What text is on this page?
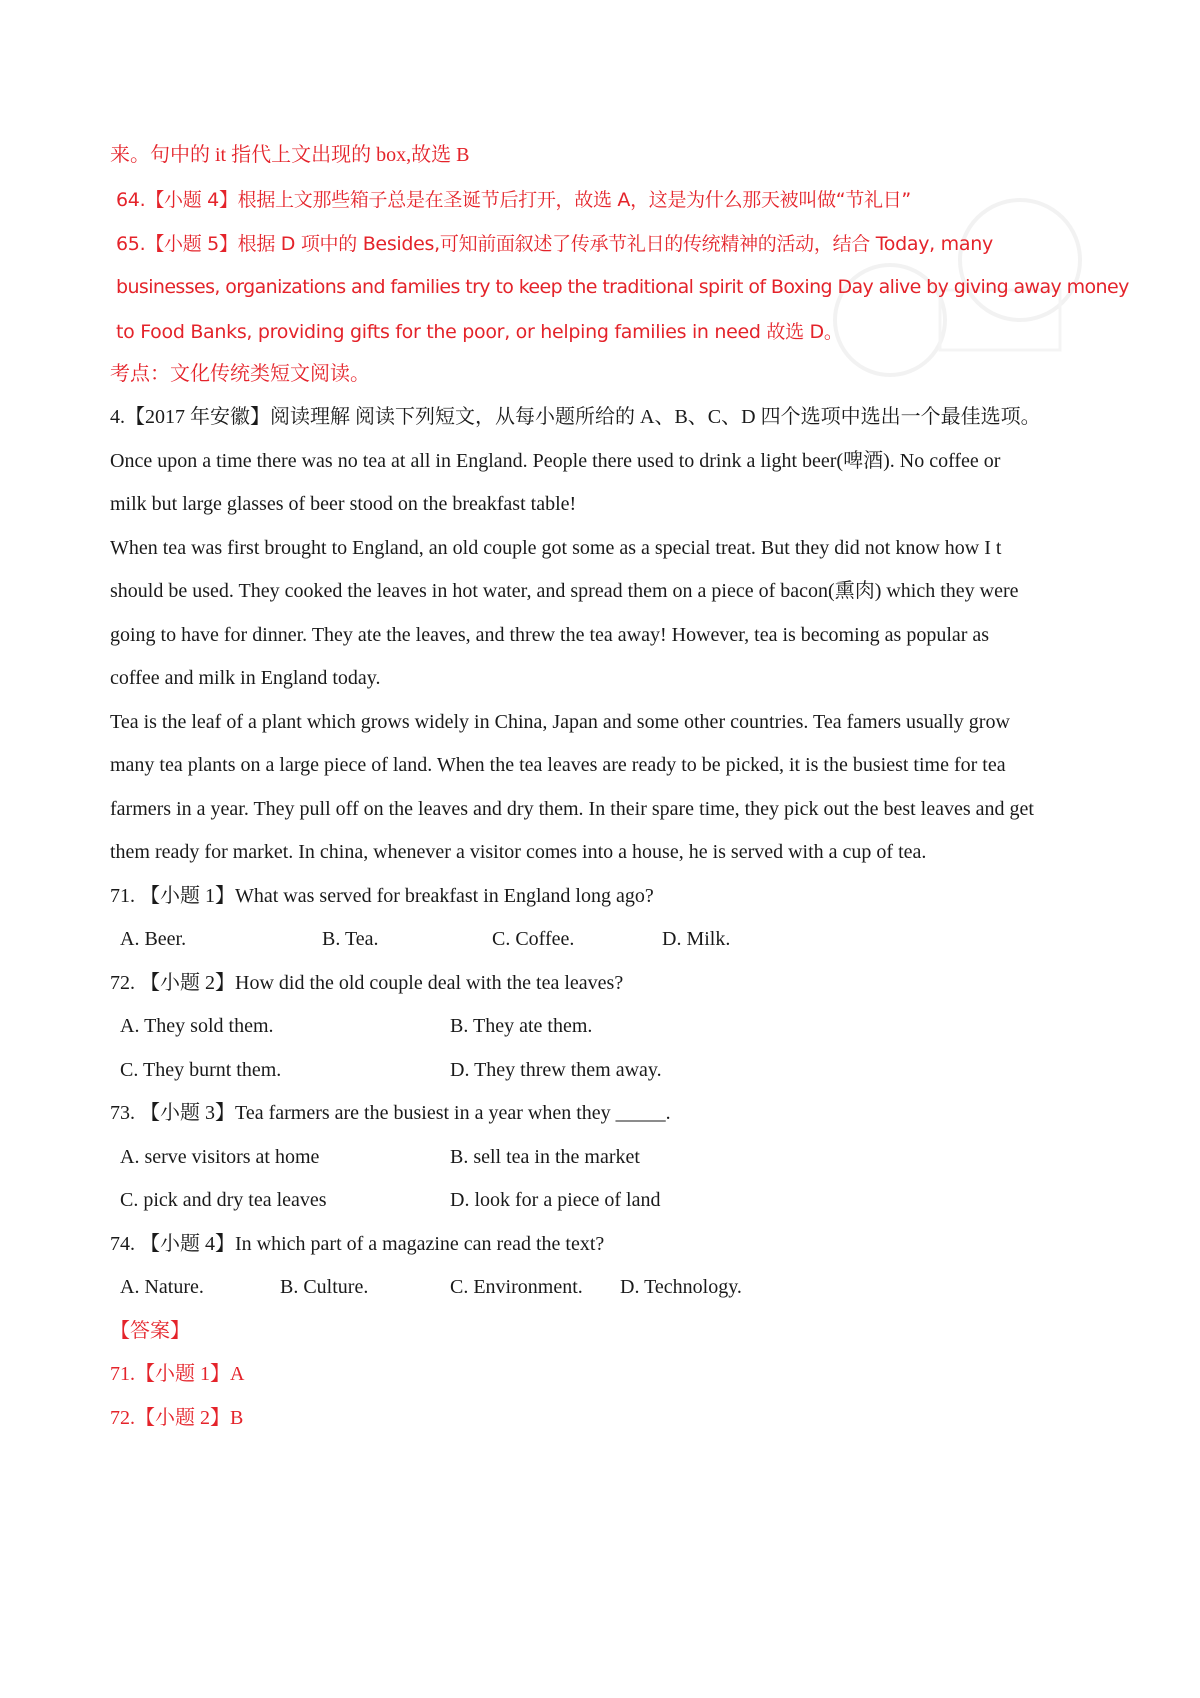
来。句中的 it 指代上文出现的 box,故选 B
64.【小题 4】根据上文那些箱子总是在圣诞节后打开，故选 A，这是为什么那天被叫做“节礼日”
65.【小题 5】根据 D 项中的 Besides,可知前面叙述了传承节礼日的传统精神的活动，结合 Today, many
businesses, organizations and families try to keep the traditional spirit of Boxing Day alive by giving away money
to Food Banks, providing gifts for the poor, or helping families in need 故选 D。
考点：文化传统类短文阅读。
4.【2017 年安徽】阅读理解 阅读下列短文，从每小题所给的 A、B、C、D 四个选项中选出一个最佳选项。
Once upon a time there was no tea at all in England. People there used to drink a light beer(啤酒). No coffee or
milk but large glasses of beer stood on the breakfast table!
When tea was first brought to England, an old couple got some as a special treat. But they did not know how I t
should be used. They cooked the leaves in hot water, and spread them on a piece of bacon(熏肉) which they were
going to have for dinner. They ate the leaves, and threw the tea away! However, tea is becoming as popular as
coffee and milk in England today.
Tea is the leaf of a plant which grows widely in China, Japan and some other countries. Tea famers usually grow
many tea plants on a large piece of land. When the tea leaves are ready to be picked, it is the busiest time for tea
farmers in a year. They pull off on the leaves and dry them. In their spare time, they pick out the best leaves and get
them ready for market. In china, whenever a visitor comes into a house, he is served with a cup of tea.
71. 【小题 1】What was served for breakfast in England long ago?
A. Beer.	B. Tea.	C. Coffee.	D. Milk.
72. 【小题 2】How did the old couple deal with the tea leaves?
A. They sold them.	B. They ate them.
C. They burnt them.	D. They threw them away.
73. 【小题 3】Tea farmers are the busiest in a year when they _____.
A. serve visitors at home	B. sell tea in the market
C. pick and dry tea leaves	D. look for a piece of land
74. 【小题 4】In which part of a magazine can read the text?
A. Nature.	B. Culture.	C. Environment. D. Technology.
【答案】
71.【小题 1】A
72.【小题 2】B
